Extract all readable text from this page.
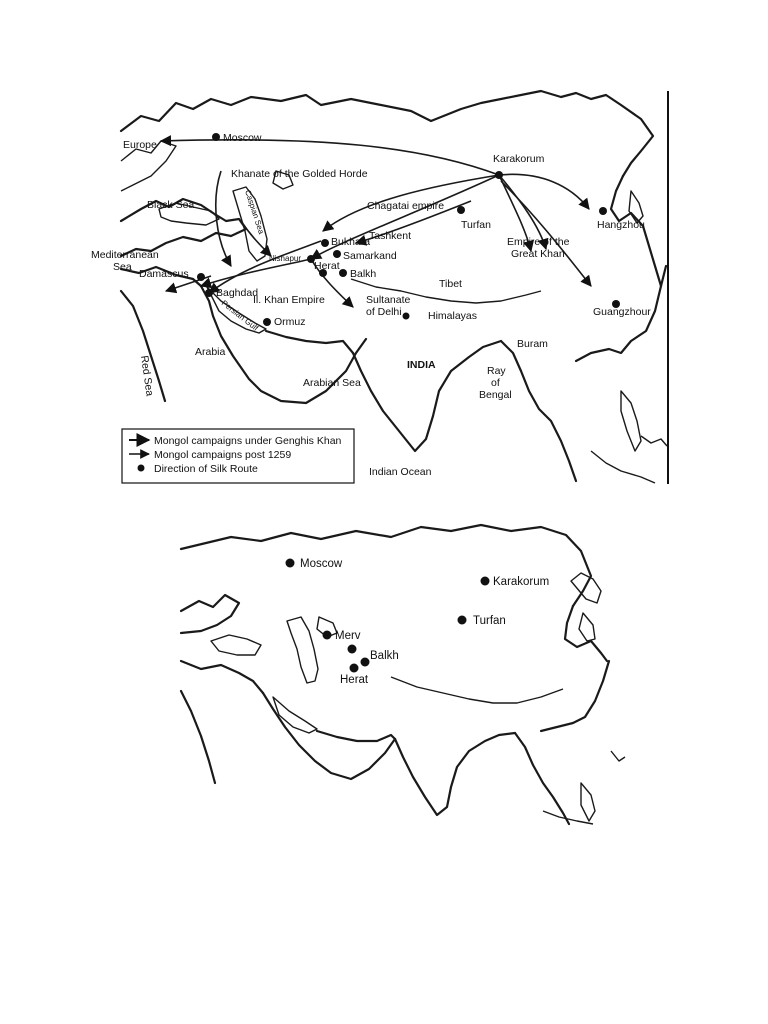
Moscow
Karakorum
Turfan	Hangzhou
Bukhara
Samarkand
Nishapur
Herat
Balkh
Damascus
Baghdad
Ormuz
Guangzhour
Tashkent
Sultanate
of Delhi
Europe
Khanate of the Golded Horde
Black Sea	Caspian Sea	Chagatai empire
Mediterranean
Sea
Empire of the
Great Khan
Tibet
Il. Khan Empire
Persian Gulf	Himalayas
Arabia
INDIA
Buram
Red Sea	Arabian Sea
Ray
of
Bengal
Indian Ocean
Mongol campaigns under Genghis Khan
Mongol campaigns post 1259
Direction of Silk Route
Moscow
Karakorum
Turfan
Merv
Balkh
Herat
